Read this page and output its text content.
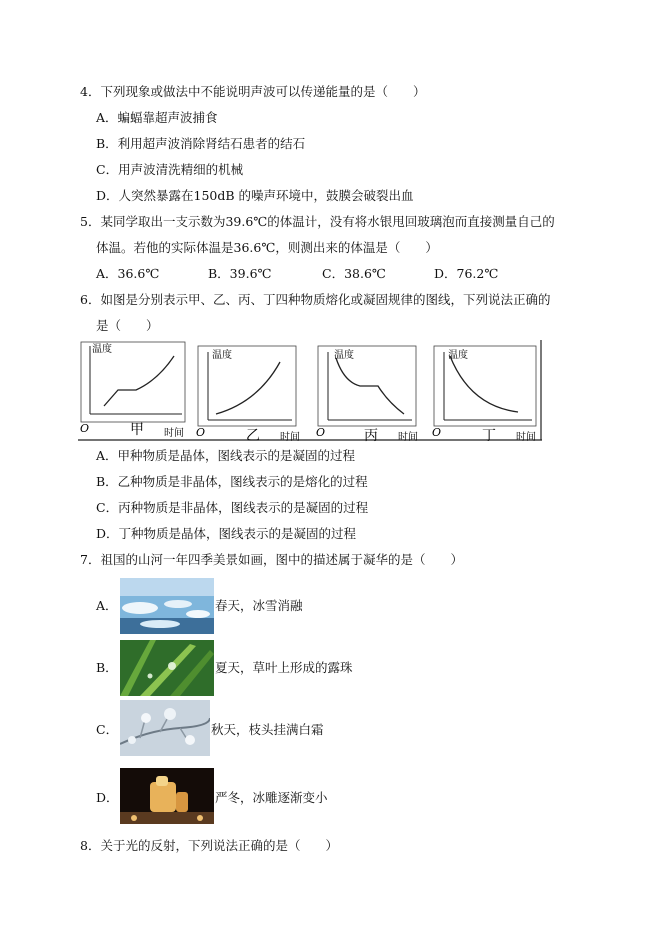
4．下列现象或做法中不能说明声波可以传递能量的是（　　）
A．蝙蝠靠超声波捕食
B．利用超声波消除肾结石患者的结石
C．用声波清洗精细的机械
D．人突然暴露在150dB 的噪声环境中，鼓膜会破裂出血
5．某同学取出一支示数为39.6℃的体温计，没有将水银甩回玻璃泡而直接测量自己的
体温。若他的实际体温是36.6℃，则测出来的体温是（　　）
A．36.6℃	B．39.6℃	C．38.6℃	D．76.2℃
6．如图是分别表示甲、乙、丙、丁四种物质熔化或凝固规律的图线，下列说法正确的
是（　　）
温度
O	甲 时间
温度
O	乙 时间
温度
O	丙 时间
温度
O	丁 时间
A．甲种物质是晶体，图线表示的是凝固的过程
B．乙种物质是非晶体，图线表示的是熔化的过程
C．丙种物质是非晶体，图线表示的是凝固的过程
D．丁种物质是晶体，图线表示的是凝固的过程
7．祖国的山河一年四季美景如画，图中的描述属于凝华的是（　　）
A．	春天，冰雪消融
B．	夏天，草叶上形成的露珠
C．	秋天，枝头挂满白霜
D．	严冬，冰雕逐渐变小
8．关于光的反射，下列说法正确的是（　　）
